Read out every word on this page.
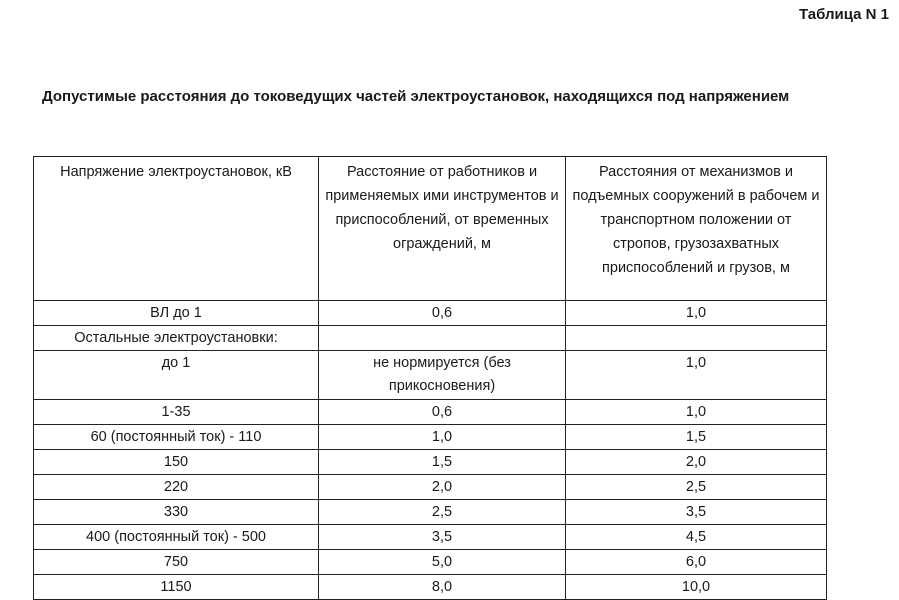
Таблица N 1
Допустимые расстояния до токоведущих частей электроустановок, находящихся под напряжением
Напряжение электроустановок, кВ	Расстояние от работников и применяемых ими инструментов и приспособлений, от временных ограждений, м	Расстояния от механизмов и подъемных сооружений в рабочем и транспортном положении от стропов, грузозахватных приспособлений и грузов, м
ВЛ до 1	0,6	1,0
Остальные электроустановки:		
до 1	не нормируется (без прикосновения)	1,0
1-35	0,6	1,0
60 (постоянный ток) - 110	1,0	1,5
150	1,5	2,0
220	2,0	2,5
330	2,5	3,5
400 (постоянный ток) - 500	3,5	4,5
750	5,0	6,0
1150	8,0	10,0
